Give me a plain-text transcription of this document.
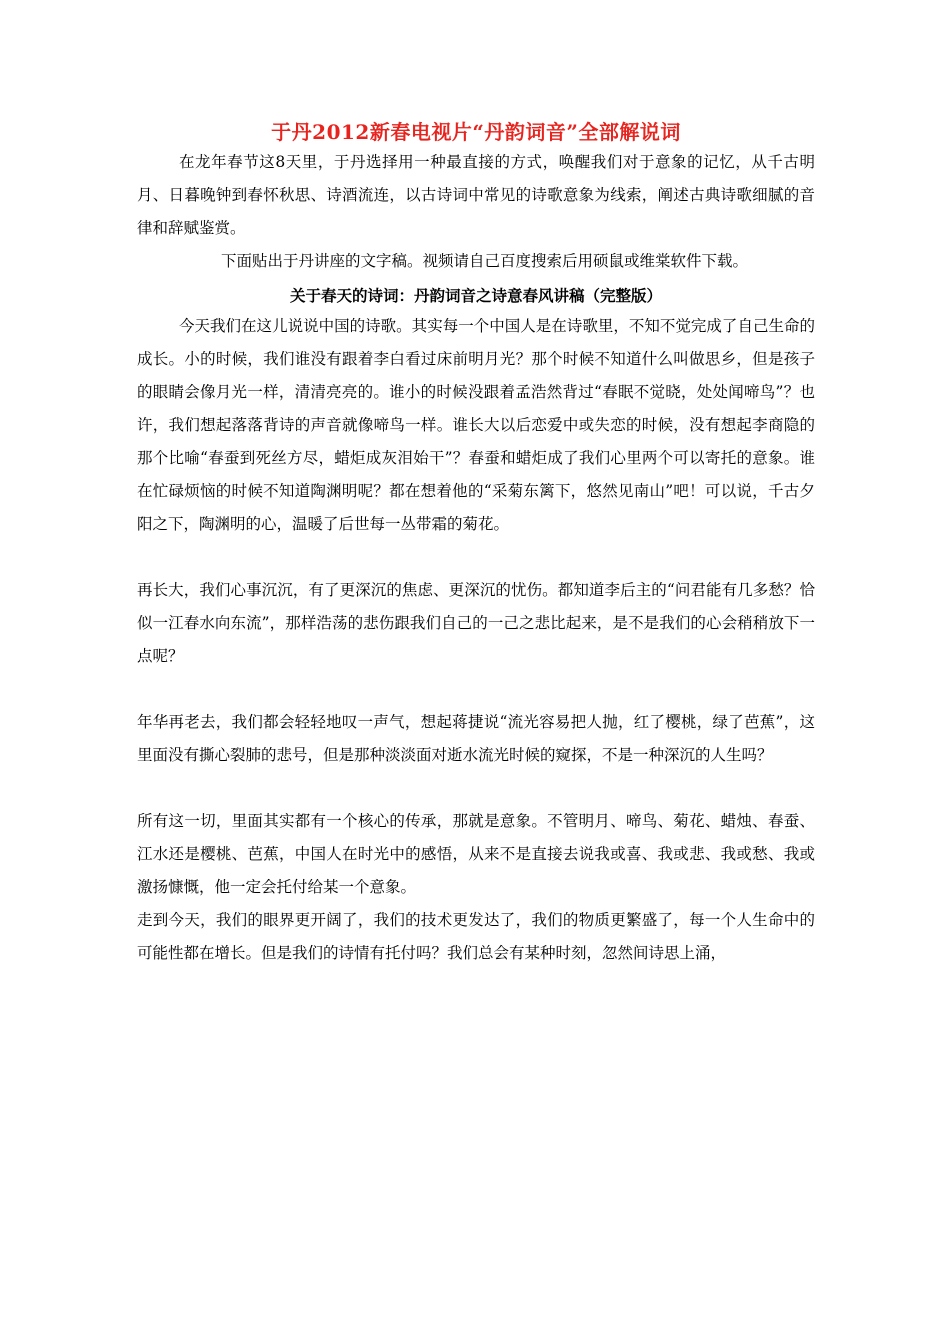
于丹2012新春电视片“丹韵词音”全部解说词

在龙年春节这8天里，于丹选择用一种最直接的方式，唤醒我们对于意象的记忆，从千古明月、日暮晚钟到春怀秋思、诗酒流连，以古诗词中常见的诗歌意象为线索，阐述古典诗歌细腻的音律和辞赋鉴赏。

下面贴出于丹讲座的文字稿。视频请自己百度搜索后用硕鼠或维棠软件下载。

关于春天的诗词：丹韵词音之诗意春风讲稿（完整版）

今天我们在这儿说说中国的诗歌。其实每一个中国人是在诗歌里，不知不觉完成了自己生命的成长。小的时候，我们谁没有跟着李白看过床前明月光？那个时候不知道什么叫做思乡，但是孩子的眼睛会像月光一样，清清亮亮的。谁小的时候没跟着孟浩然背过“春眠不觉晓，处处闻啼鸟”？也许，我们想起落落背诗的声音就像啼鸟一样。谁长大以后恋爱中或失恋的时候，没有想起李商隐的那个比喻“春蚕到死丝方尽，蜡炬成灰泪始干”？春蚕和蜡炬成了我们心里两个可以寄托的意象。谁在忙碌烦恼的时候不知道陶渊明呢？都在想着他的“采菊东篱下，悠然见南山”吧！可以说，千古夕阳之下，陶渊明的心，温暖了后世每一丛带霜的菊花。

再长大，我们心事沉沉，有了更深沉的焦虑、更深沉的忧伤。都知道李后主的“问君能有几多愁？恰似一江春水向东流”，那样浩荡的悲伤跟我们自己的一己之悲比起来，是不是我们的心会稍稍放下一点呢？

年华再老去，我们都会轻轻地叹一声气，想起蒋捷说“流光容易把人抛，红了樱桃，绿了芭蕉”，这里面没有撕心裂肺的悲号，但是那种淡淡面对逝水流光时候的窥探，不是一种深沉的人生吗？

所有这一切，里面其实都有一个核心的传承，那就是意象。不管明月、啼鸟、菊花、蜡烛、春蚕、江水还是樱桃、芭蕉，中国人在时光中的感悟，从来不是直接去说我或喜、我或悲、我或愁、我或激扬慷慨，他一定会托付给某一个意象。

走到今天，我们的眼界更开阔了，我们的技术更发达了，我们的物质更繁盛了，每一个人生命中的可能性都在增长。但是我们的诗情有托付吗？我们总会有某种时刻，忽然间诗思上涌，
